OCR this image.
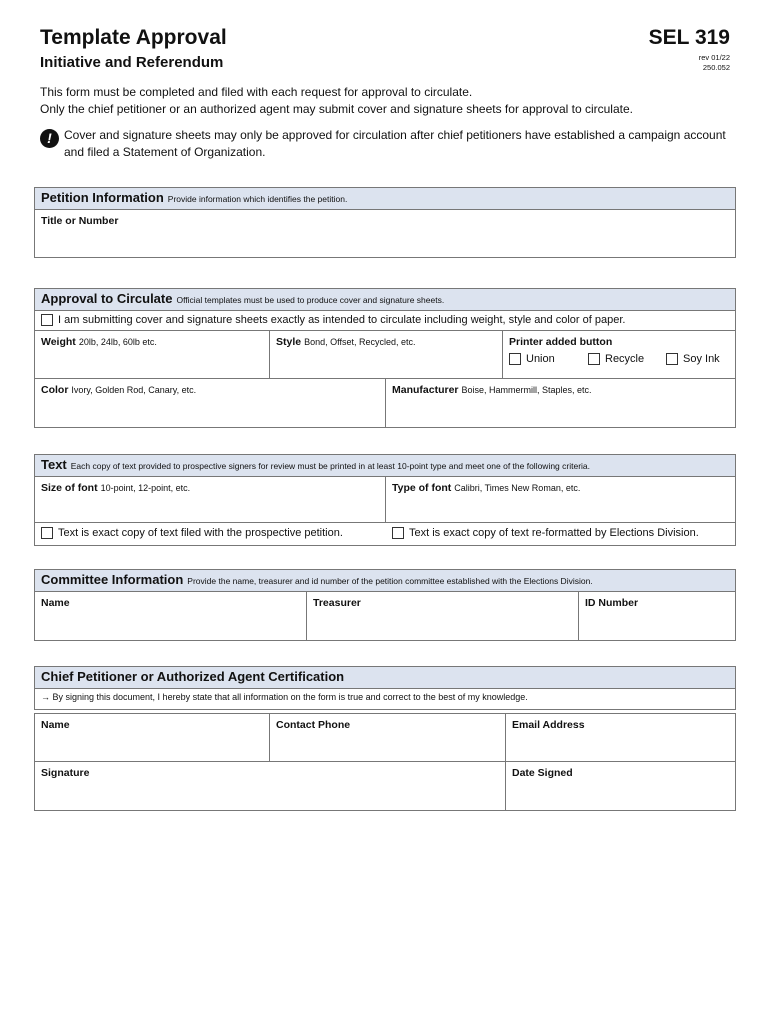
Template Approval
Initiative and Referendum
SEL 319
rev 01/22
250.052
This form must be completed and filed with each request for approval to circulate.
Only the chief petitioner or an authorized agent may submit cover and signature sheets for approval to circulate.
!	Cover and signature sheets may only be approved for circulation after chief petitioners have established a campaign account and filed a Statement of Organization.
Petition Information Provide information which identifies the petition.
Title or Number
Approval to Circulate Official templates must be used to produce cover and signature sheets.
I am submitting cover and signature sheets exactly as intended to circulate including weight, style and color of paper.
Weight 20lb, 24lb, 60lb etc.	Style Bond, Offset, Recycled, etc.	Printer added button
Union	Recycle	Soy Ink
Color Ivory, Golden Rod, Canary, etc.	Manufacturer Boise, Hammermill, Staples, etc.
Text Each copy of text provided to prospective signers for review must be printed in at least 10-point type and meet one of the following criteria.
Size of font 10-point, 12-point, etc.	Type of font Calibri, Times New Roman, etc.
Text is exact copy of text filed with the prospective petition.	Text is exact copy of text re-formatted by Elections Division.
Committee Information Provide the name, treasurer and id number of the petition committee established with the Elections Division.
Name	Treasurer	ID Number
Chief Petitioner or Authorized Agent Certification
→ By signing this document, I hereby state that all information on the form is true and correct to the best of my knowledge.
Name	Contact Phone	Email Address
Signature	Date Signed
